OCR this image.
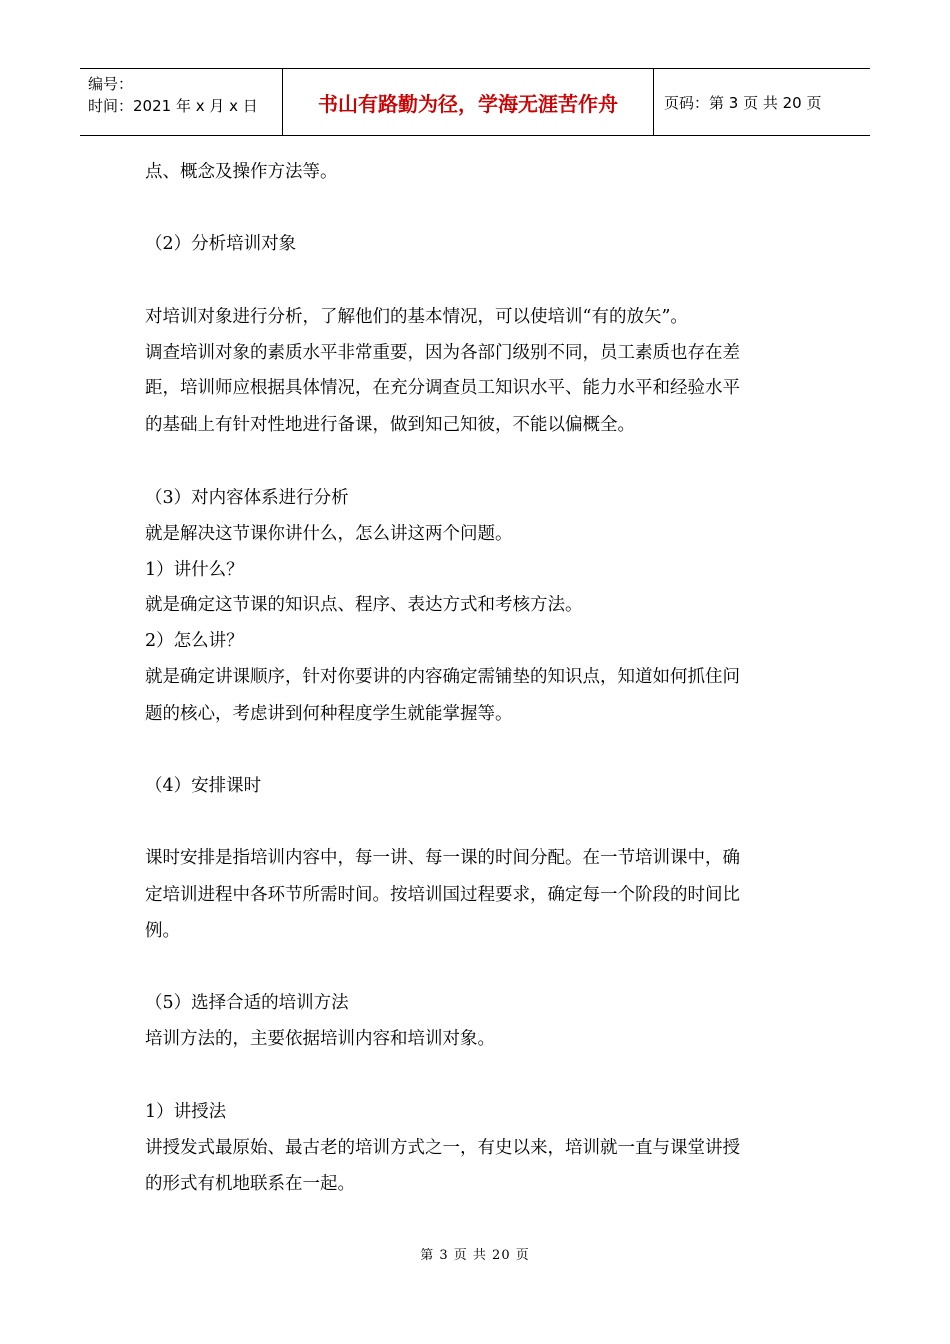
编号：
时间：2021 年 x 月 x 日	书山有路勤为径，学海无涯苦作舟	页码：第 3 页 共 20 页
点、概念及操作方法等。
（2）分析培训对象
对培训对象进行分析，了解他们的基本情况，可以使培训“有的放矢”。
调查培训对象的素质水平非常重要，因为各部门级别不同，员工素质也存在差
距，培训师应根据具体情况，在充分调查员工知识水平、能力水平和经验水平
的基础上有针对性地进行备课，做到知己知彼，不能以偏概全。
（3）对内容体系进行分析
就是解决这节课你讲什么，怎么讲这两个问题。
1）讲什么？
就是确定这节课的知识点、程序、表达方式和考核方法。
2）怎么讲？
就是确定讲课顺序，针对你要讲的内容确定需铺垫的知识点，知道如何抓住问
题的核心，考虑讲到何种程度学生就能掌握等。
（4）安排课时
课时安排是指培训内容中，每一讲、每一课的时间分配。在一节培训课中，确
定培训进程中各环节所需时间。按培训国过程要求，确定每一个阶段的时间比
例。
（5）选择合适的培训方法
培训方法的，主要依据培训内容和培训对象。
1）讲授法
讲授发式最原始、最古老的培训方式之一，有史以来，培训就一直与课堂讲授
的形式有机地联系在一起。
第 3 页 共 20 页
